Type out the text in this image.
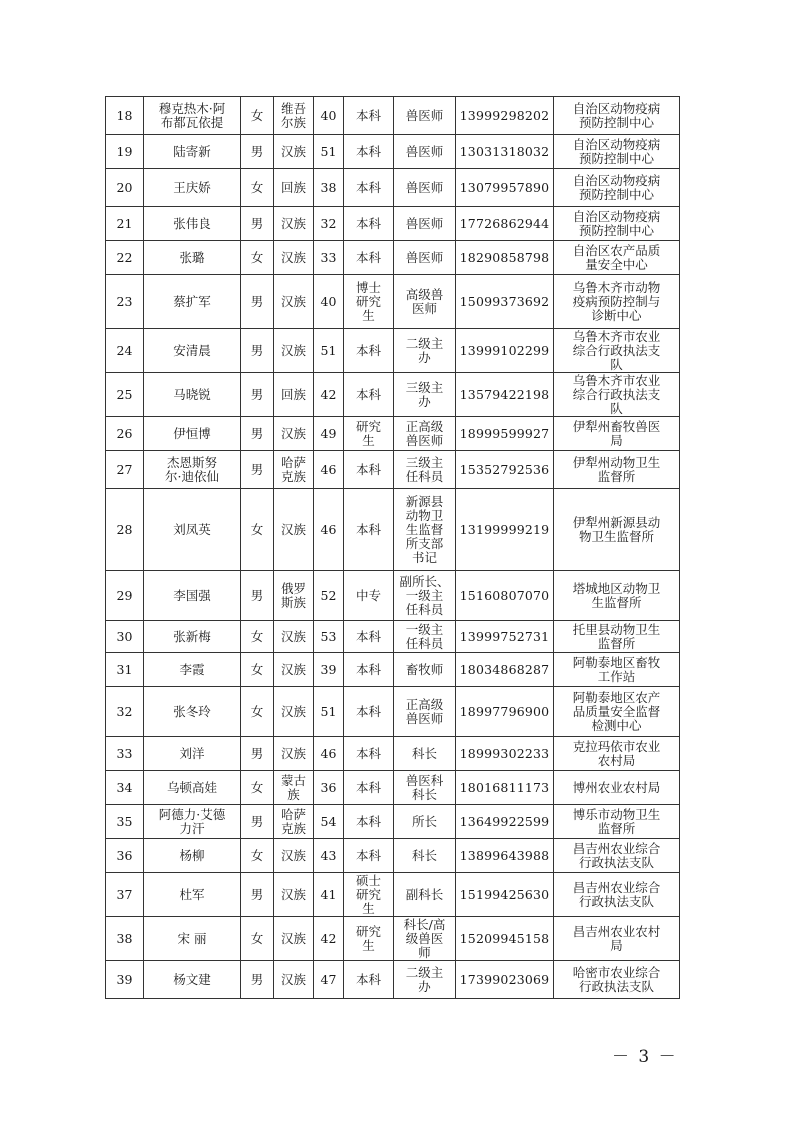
18	穆克热木·阿
布都瓦依提	女	维吾
尔族	40	本科	兽医师	13999298202	自治区动物疫病
预防控制中心
19	陆寄新	男	汉族	51	本科	兽医师	13031318032	自治区动物疫病
预防控制中心
20	王庆娇	女	回族	38	本科	兽医师	13079957890	自治区动物疫病
预防控制中心
21	张伟良	男	汉族	32	本科	兽医师	17726862944	自治区动物疫病
预防控制中心
22	张璐	女	汉族	33	本科	兽医师	18290858798	自治区农产品质
量安全中心
23	蔡扩军	男	汉族	40	博士
研究
生	高级兽
医师	15099373692	乌鲁木齐市动物
疫病预防控制与
诊断中心
24	安清晨	男	汉族	51	本科	二级主
办	13999102299	乌鲁木齐市农业
综合行政执法支
队
25	马晓锐	男	回族	42	本科	三级主
办	13579422198	乌鲁木齐市农业
综合行政执法支
队
26	伊恒博	男	汉族	49	研究
生	正高级
兽医师	18999599927	伊犁州畜牧兽医
局
27	杰恩斯努
尔·迪依仙	男	哈萨
克族	46	本科	三级主
任科员	15352792536	伊犁州动物卫生
监督所
28	刘凤英	女	汉族	46	本科	新源县
动物卫
生监督
所支部
书记	13199999219	伊犁州新源县动
物卫生监督所
29	李国强	男	俄罗
斯族	52	中专	副所长、
一级主
任科员	15160807070	塔城地区动物卫
生监督所
30	张新梅	女	汉族	53	本科	一级主
任科员	13999752731	托里县动物卫生
监督所
31	李霞	女	汉族	39	本科	畜牧师	18034868287	阿勒泰地区畜牧
工作站
32	张冬玲	女	汉族	51	本科	正高级
兽医师	18997796900	阿勒泰地区农产
品质量安全监督
检测中心
33	刘洋	男	汉族	46	本科	科长	18999302233	克拉玛依市农业
农村局
34	乌顿高娃	女	蒙古
族	36	本科	兽医科
科长	18016811173	博州农业农村局
35	阿德力·艾德
力汗	男	哈萨
克族	54	本科	所长	13649922599	博乐市动物卫生
监督所
36	杨柳	女	汉族	43	本科	科长	13899643988	昌吉州农业综合
行政执法支队
37	杜军	男	汉族	41	硕士
研究
生	副科长	15199425630	昌吉州农业综合
行政执法支队
38	宋 丽	女	汉族	42	研究
生	科长/高
级兽医
师	15209945158	昌吉州农业农村
局
39	杨文建	男	汉族	47	本科	二级主
办	17399023069	哈密市农业综合
行政执法支队
－ 3 －
